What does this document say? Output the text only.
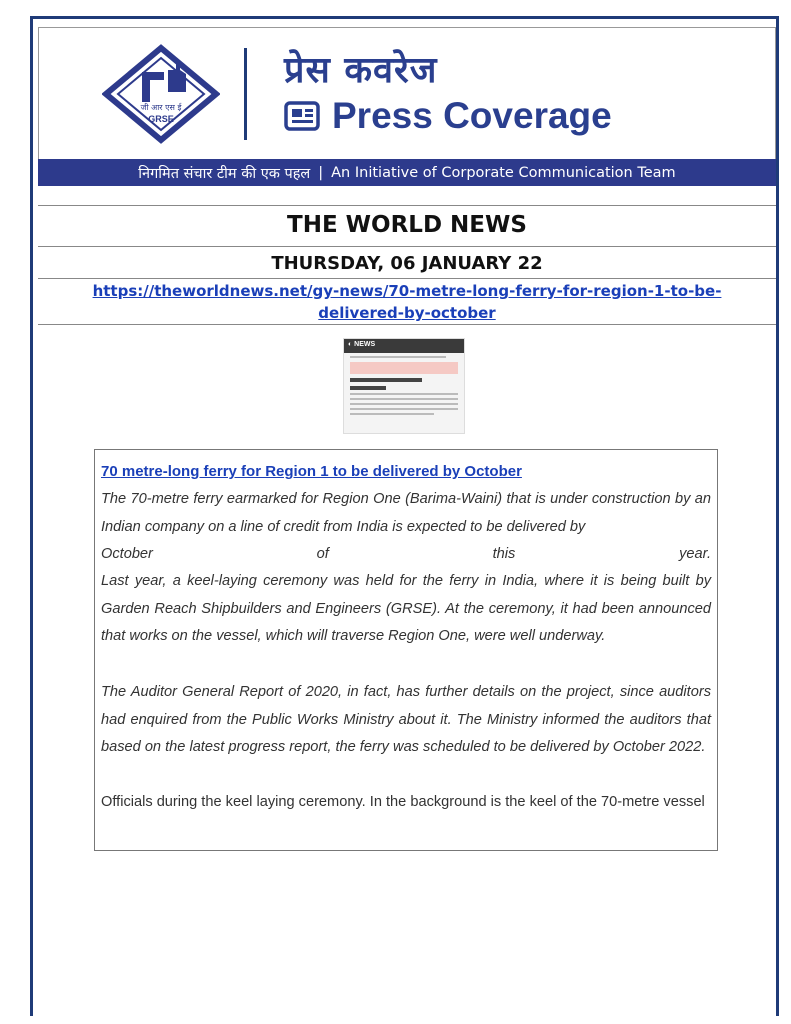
जी आर एस ई
GRSE
प्रेस कवरेज
Press Coverage
निगमित संचार टीम की एक पहल | An Initiative of Corporate Communication Team
THE WORLD NEWS
THURSDAY, 06 JANUARY 22
https://theworldnews.net/gy-news/70-metre-long-ferry-for-region-1-to-be-delivered-by-october
◐ NEWS
70 metre-long ferry for Region 1 to be delivered by October
The 70-metre ferry earmarked for Region One (Barima-Waini) that is under construction by an Indian company on a line of credit from India is expected to be delivered by
October of this year.
Last year, a keel-laying ceremony was held for the ferry in India, where it is being built by Garden Reach Shipbuilders and Engineers (GRSE). At the ceremony, it had been announced that works on the vessel, which will traverse Region One, were well underway.
The Auditor General Report of 2020, in fact, has further details on the project, since auditors had enquired from the Public Works Ministry about it. The Ministry informed the auditors that based on the latest progress report, the ferry was scheduled to be delivered by October 2022.
Officials during the keel laying ceremony. In the background is the keel of the 70-metre vessel
